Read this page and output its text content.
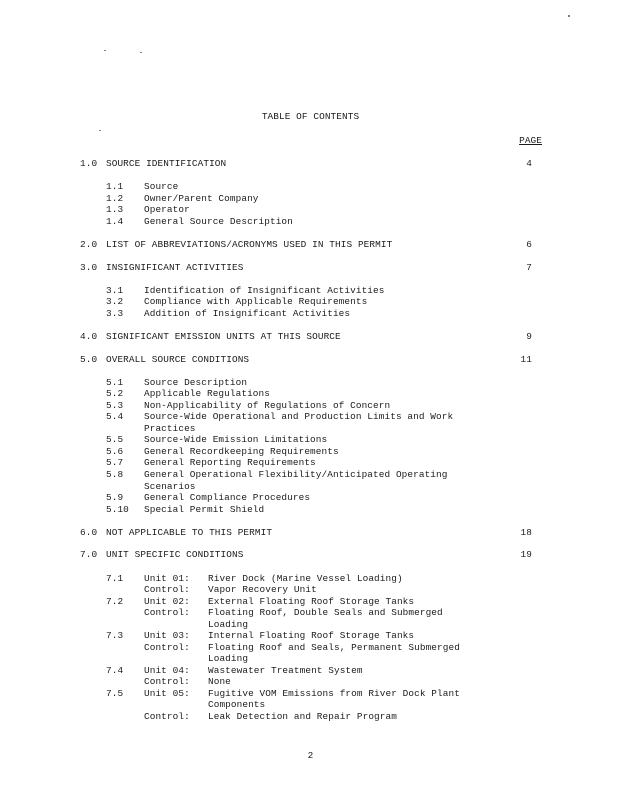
TABLE OF CONTENTS
PAGE
1.0 SOURCE IDENTIFICATION	4
1.1 Source
1.2 Owner/Parent Company
1.3 Operator
1.4 General Source Description
2.0 LIST OF ABBREVIATIONS/ACRONYMS USED IN THIS PERMIT	6
3.0 INSIGNIFICANT ACTIVITIES	7
3.1 Identification of Insignificant Activities
3.2 Compliance with Applicable Requirements
3.3 Addition of Insignificant Activities
4.0 SIGNIFICANT EMISSION UNITS AT THIS SOURCE	9
5.0 OVERALL SOURCE CONDITIONS	11
5.1 Source Description
5.2 Applicable Regulations
5.3 Non-Applicability of Regulations of Concern
5.4 Source-Wide Operational and Production Limits and Work
Practices
5.5 Source-Wide Emission Limitations
5.6 General Recordkeeping Requirements
5.7 General Reporting Requirements
5.8 General Operational Flexibility/Anticipated Operating
Scenarios
5.9 General Compliance Procedures
5.10 Special Permit Shield
6.0 NOT APPLICABLE TO THIS PERMIT	18
7.0 UNIT SPECIFIC CONDITIONS	19
7.1 Unit 01: River Dock (Marine Vessel Loading)
Control: Vapor Recovery Unit
7.2 Unit 02: External Floating Roof Storage Tanks
Control: Floating Roof, Double Seals and Submerged
Loading
7.3 Unit 03: Internal Floating Roof Storage Tanks
Control: Floating Roof and Seals, Permanent Submerged
Loading
7.4 Unit 04: Wastewater Treatment System
Control: None
7.5 Unit 05: Fugitive VOM Emissions from River Dock Plant
Components
Control: Leak Detection and Repair Program
2
